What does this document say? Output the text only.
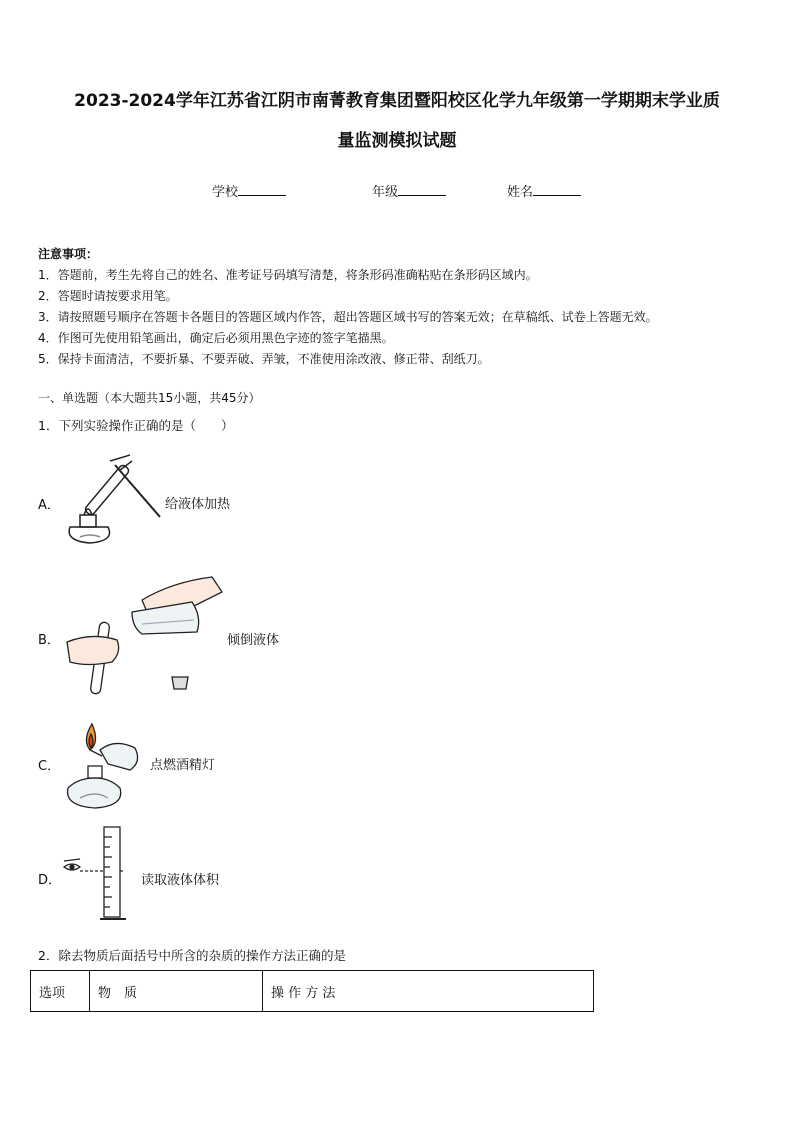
2023-2024学年江苏省江阴市南菁教育集团暨阳校区化学九年级第一学期期末学业质
量监测模拟试题
学校	年级	姓名
注意事项：
1．答题前，考生先将自己的姓名、准考证号码填写清楚，将条形码准确粘贴在条形码区域内。
2．答题时请按要求用笔。
3．请按照题号顺序在答题卡各题目的答题区域内作答，超出答题区域书写的答案无效；在草稿纸、试卷上答题无效。
4．作图可先使用铅笔画出，确定后必须用黑色字迹的签字笔描黑。
5．保持卡面清洁，不要折暴、不要弄破、弄皱，不准使用涂改液、修正带、刮纸刀。
一、单选题（本大题共15小题，共45分）
1．下列实验操作正确的是（　　）
A．	给液体加热
B．	倾倒液体
C．	点燃酒精灯
D．	读取液体体积
2．除去物质后面括号中所含的杂质的操作方法正确的是
选项	物　质	操 作 方 法
